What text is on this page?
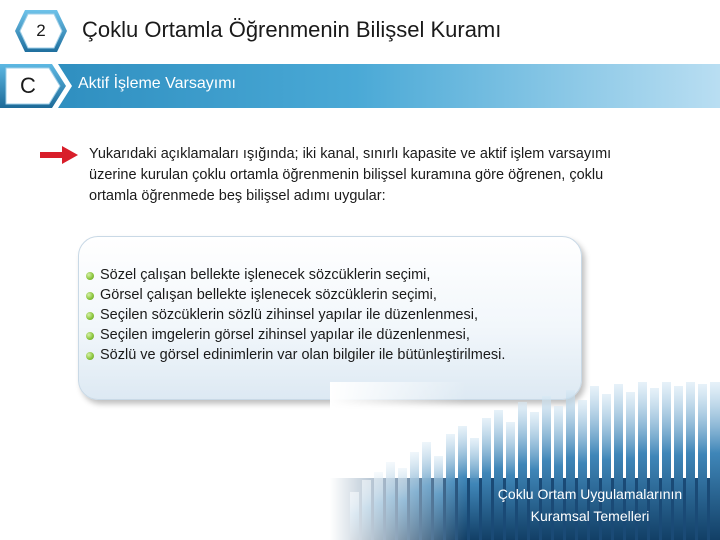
2	Çoklu Ortamla Öğrenmenin Bilişsel Kuramı
Aktif İşleme Varsayımı
C

Yukarıdaki açıklamaları ışığında; iki kanal, sınırlı kapasite ve aktif işlem varsayımı üzerine kurulan çoklu ortamla öğrenmenin bilişsel kuramına göre öğrenen, çoklu ortamla öğrenmede beş bilişsel adımı uygular:

Sözel çalışan bellekte işlenecek sözcüklerin seçimi,
Görsel çalışan bellekte işlenecek sözcüklerin seçimi,
Seçilen sözcüklerin sözlü zihinsel yapılar ile düzenlenmesi,
Seçilen imgelerin görsel zihinsel yapılar ile düzenlenmesi,
Sözlü ve görsel edinimlerin var olan bilgiler ile bütünleştirilmesi.
Çoklu Ortam Uygulamalarının
Kuramsal Temelleri
